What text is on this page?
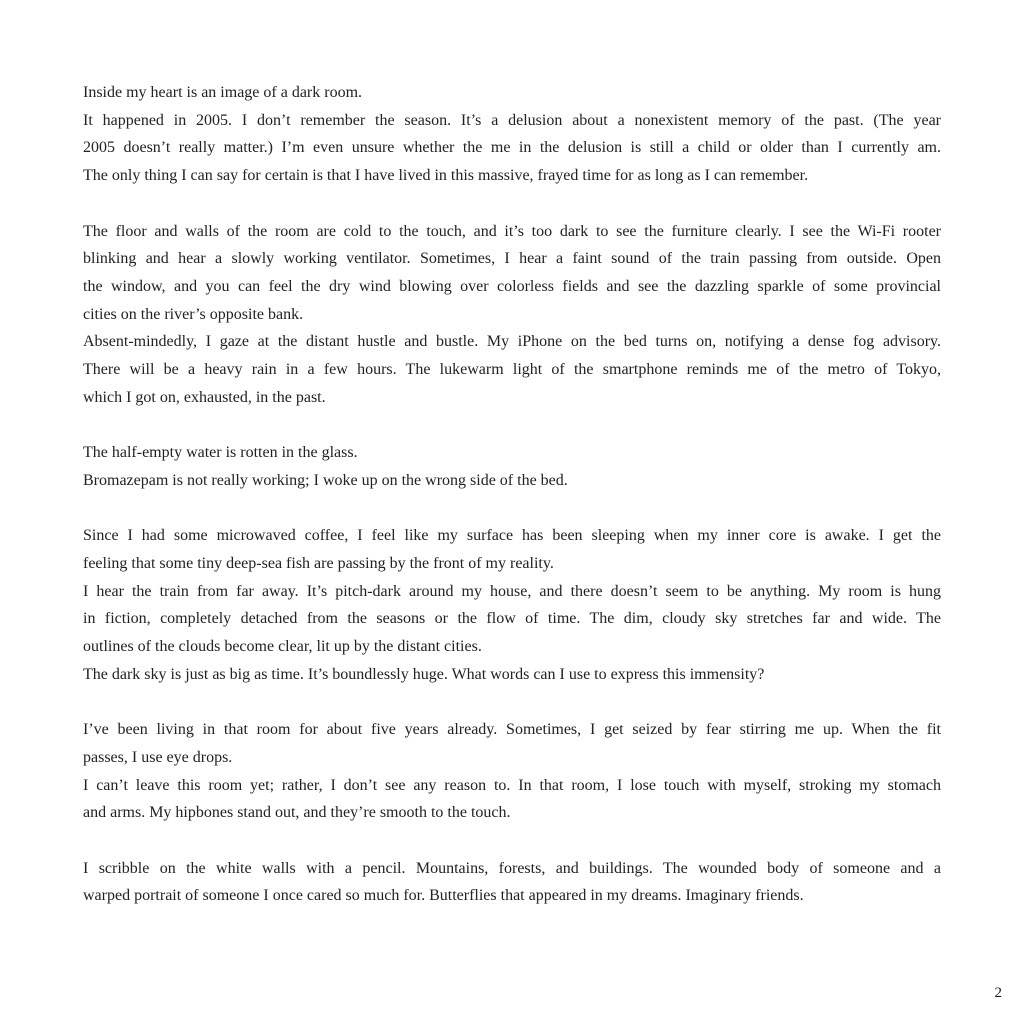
Inside my heart is an image of a dark room.
It happened in 2005. I don’t remember the season. It’s a delusion about a nonexistent memory of the past. (The year
2005 doesn’t really matter.) I’m even unsure whether the me in the delusion is still a child or older than I currently am.
The only thing I can say for certain is that I have lived in this massive, frayed time for as long as I can remember.
The floor and walls of the room are cold to the touch, and it’s too dark to see the furniture clearly. I see the Wi-Fi rooter
blinking and hear a slowly working ventilator. Sometimes, I hear a faint sound of the train passing from outside. Open
the window, and you can feel the dry wind blowing over colorless fields and see the dazzling sparkle of some provincial
cities on the river’s opposite bank.
Absent-mindedly, I gaze at the distant hustle and bustle. My iPhone on the bed turns on, notifying a dense fog advisory.
There will be a heavy rain in a few hours. The lukewarm light of the smartphone reminds me of the metro of Tokyo,
which I got on, exhausted, in the past.
The half-empty water is rotten in the glass.
Bromazepam is not really working; I woke up on the wrong side of the bed.
Since I had some microwaved coffee, I feel like my surface has been sleeping when my inner core is awake. I get the
feeling that some tiny deep-sea fish are passing by the front of my reality.
I hear the train from far away. It’s pitch-dark around my house, and there doesn’t seem to be anything. My room is hung
in fiction, completely detached from the seasons or the flow of time. The dim, cloudy sky stretches far and wide. The
outlines of the clouds become clear, lit up by the distant cities.
The dark sky is just as big as time. It’s boundlessly huge. What words can I use to express this immensity?
I’ve been living in that room for about five years already. Sometimes, I get seized by fear stirring me up. When the fit
passes, I use eye drops.
I can’t leave this room yet; rather, I don’t see any reason to. In that room, I lose touch with myself, stroking my stomach
and arms. My hipbones stand out, and they’re smooth to the touch.
I scribble on the white walls with a pencil. Mountains, forests, and buildings. The wounded body of someone and a
warped portrait of someone I once cared so much for. Butterflies that appeared in my dreams. Imaginary friends.
2
